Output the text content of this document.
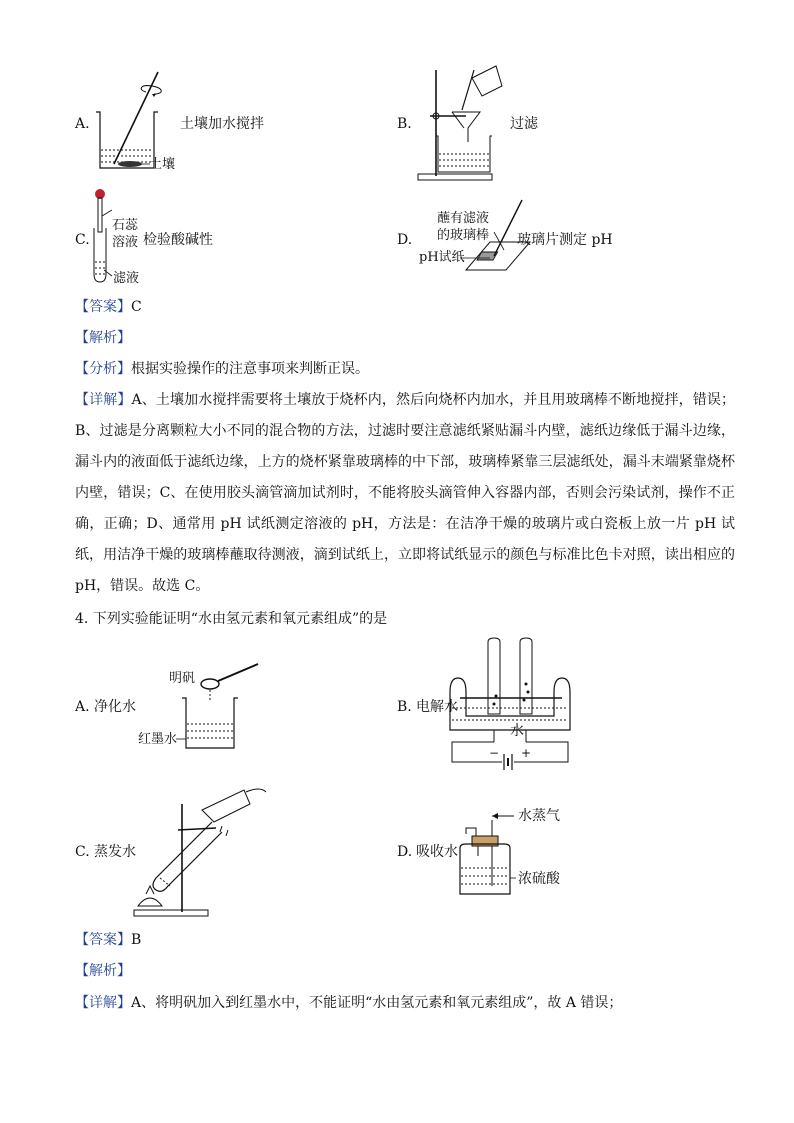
A.
土壤
土壤加水搅拌	B.	过滤
C.
石蕊
溶液
滤液
检验酸碱性	D.
蘸有滤液
的玻璃棒
pH试纸
玻璃片测定 pH
【答案】C
【解析】
【分析】根据实验操作的注意事项来判断正误。
【详解】A、土壤加水搅拌需要将土壤放于烧杯内，然后向烧杯内加水，并且用玻璃棒不断地搅拌，错误；B、过滤是分离颗粒大小不同的混合物的方法，过滤时要注意滤纸紧贴漏斗内壁，滤纸边缘低于漏斗边缘，漏斗内的液面低于滤纸边缘，上方的烧杯紧靠玻璃棒的中下部，玻璃棒紧靠三层滤纸处，漏斗末端紧靠烧杯内壁，错误；C、在使用胶头滴管滴加试剂时，不能将胶头滴管伸入容器内部，否则会污染试剂，操作不正确，正确；D、通常用 pH 试纸测定溶液的 pH，方法是：在洁净干燥的玻璃片或白瓷板上放一片 pH 试纸，用洁净干燥的玻璃棒蘸取待测液，滴到试纸上，立即将试纸显示的颜色与标准比色卡对照，读出相应的 pH，错误。故选 C。
4. 下列实验能证明“水由氢元素和氧元素组成”的是
A. 净化水
明矾
红墨水
B. 电解水
水
− +
C. 蒸发水	D. 吸收水
水蒸气
浓硫酸
【答案】B
【解析】
【详解】A、将明矾加入到红墨水中，不能证明“水由氢元素和氧元素组成”，故 A 错误；
